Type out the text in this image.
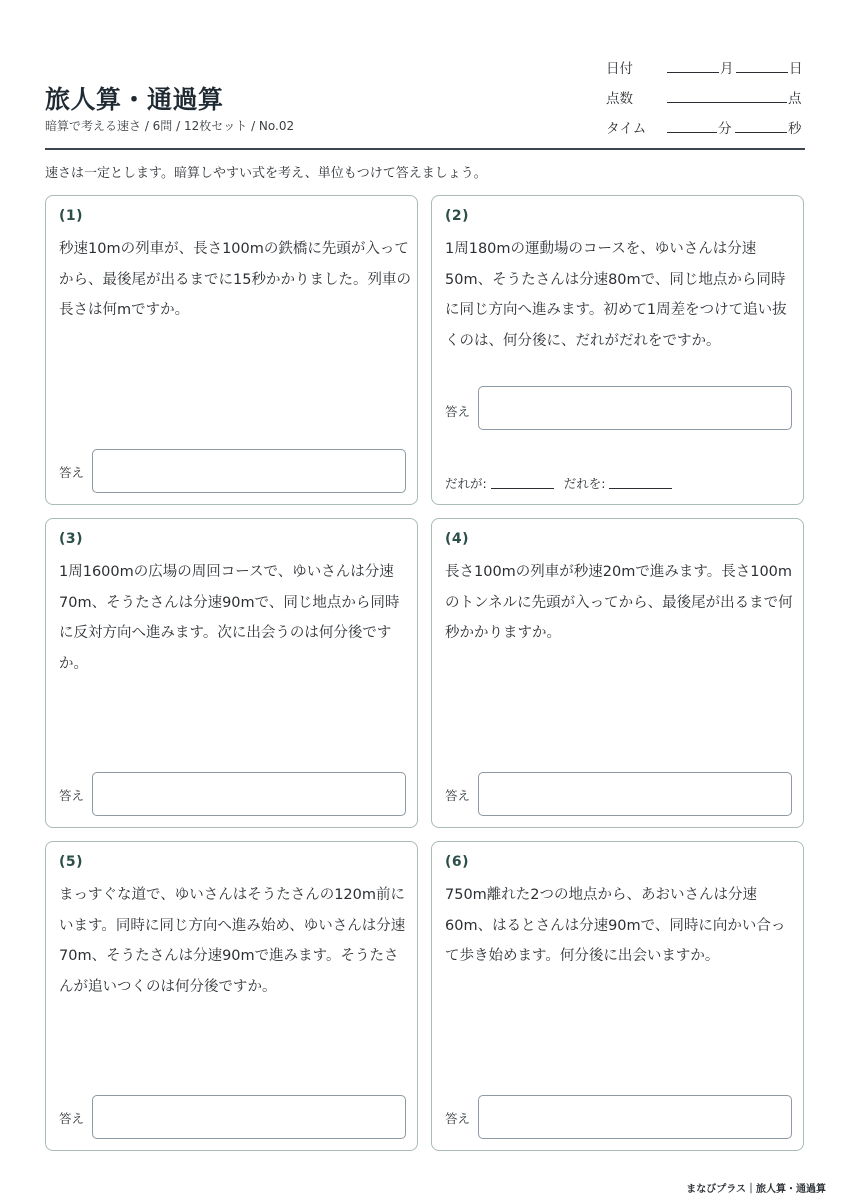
旅人算・通過算
暗算で考える速さ / 6問 / 12枚セット / No.02
日付	月	日
点数	点
タイム	分	秒
速さは一定とします。暗算しやすい式を考え、単位もつけて答えましょう。
(1)
秒速10mの列車が、長さ100mの鉄橋に先頭が入ってから、最後尾が出るまでに15秒かかりました。列車の長さは何mですか。
答え
(2)
1周180mの運動場のコースを、ゆいさんは分速50m、そうたさんは分速80mで、同じ地点から同時に同じ方向へ進みます。初めて1周差をつけて追い抜くのは、何分後に、だれがだれをですか。
答え
だれが:	だれを:
(3)
1周1600mの広場の周回コースで、ゆいさんは分速70m、そうたさんは分速90mで、同じ地点から同時に反対方向へ進みます。次に出会うのは何分後ですか。
答え
(4)
長さ100mの列車が秒速20mで進みます。長さ100mのトンネルに先頭が入ってから、最後尾が出るまで何秒かかりますか。
答え
(5)
まっすぐな道で、ゆいさんはそうたさんの120m前にいます。同時に同じ方向へ進み始め、ゆいさんは分速70m、そうたさんは分速90mで進みます。そうたさんが追いつくのは何分後ですか。
答え
(6)
750m離れた2つの地点から、あおいさんは分速60m、はるとさんは分速90mで、同時に向かい合って歩き始めます。何分後に出会いますか。
答え
まなびプラス｜旅人算・通過算
